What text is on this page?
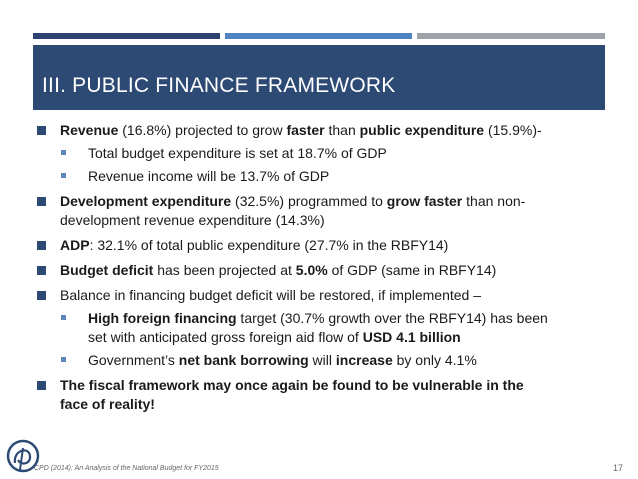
III. PUBLIC FINANCE FRAMEWORK
Revenue (16.8%) projected to grow faster than public expenditure (15.9%)-
Total budget expenditure is set at 18.7% of GDP
Revenue income will be 13.7% of GDP
Development expenditure (32.5%) programmed to grow faster than non-
development revenue expenditure (14.3%)
ADP: 32.1% of total public expenditure (27.7% in the RBFY14)
Budget deficit has been projected at 5.0% of GDP (same in RBFY14)
Balance in financing budget deficit will be restored, if implemented –
High foreign financing target (30.7% growth over the RBFY14) has been
set with anticipated gross foreign aid flow of USD 4.1 billion
Government’s net bank borrowing will increase by only 4.1%
The fiscal framework may once again be found to be vulnerable in the
face of reality!
CPD (2014): An Analysis of the National Budget for FY2015	17
